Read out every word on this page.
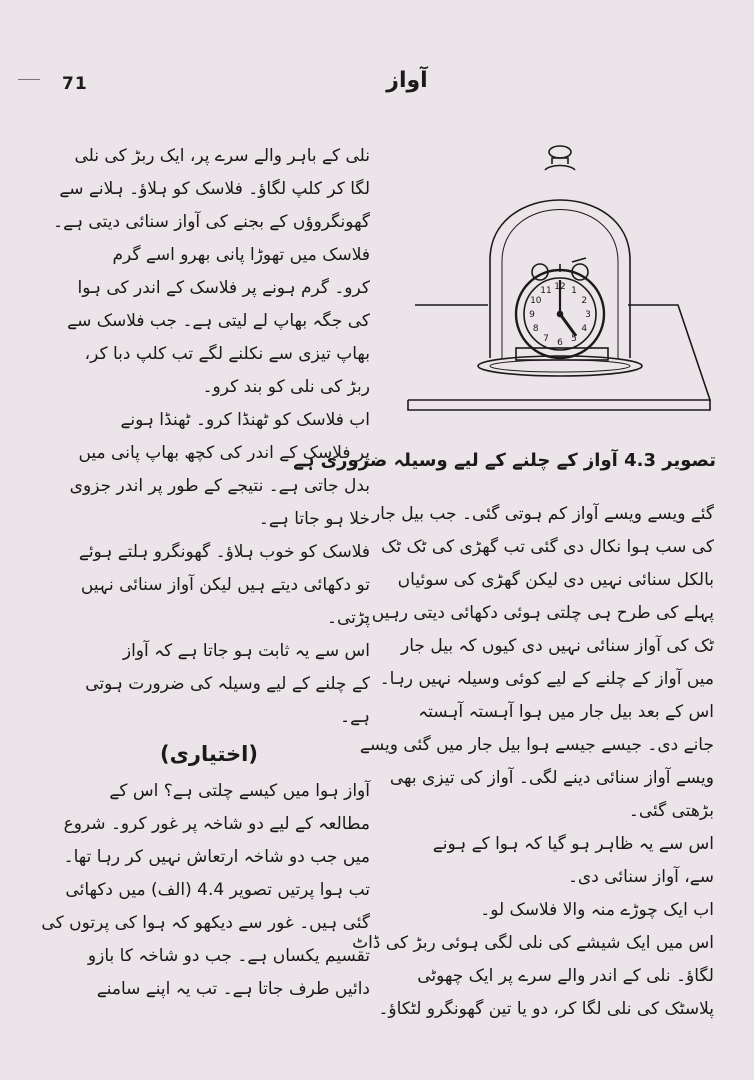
71	آواز
نلی کے باہر والے سرے پر، ایک ربڑ کی نلی
لگا کر کلپ لگاؤ۔ فلاسک کو ہلاؤ۔ ہلانے سے
گھونگروؤں کے بجنے کی آواز سنائی دیتی ہے۔
فلاسک میں تھوڑا پانی بھرو اسے گرم
کرو۔ گرم ہونے پر فلاسک کے اندر کی ہوا
کی جگہ بھاپ لے لیتی ہے۔ جب فلاسک سے
بھاپ تیزی سے نکلنے لگے تب کلپ دبا کر،
ربڑ کی نلی کو بند کرو۔
اب فلاسک کو ٹھنڈا کرو۔ ٹھنڈا ہونے
پر فلاسک کے اندر کی کچھ بھاپ پانی میں
بدل جاتی ہے۔ نتیجے کے طور پر اندر جزوی
خلا ہو جاتا ہے۔
فلاسک کو خوب ہلاؤ۔ گھونگرو ہلتے ہوئے
تو دکھائی دیتے ہیں لیکن آواز سنائی نہیں
پڑتی۔
اس سے یہ ثابت ہو جاتا ہے کہ آواز
کے چلنے کے لیے وسیلہ کی ضرورت ہوتی
ہے۔
(اختیاری)
آواز ہوا میں کیسے چلتی ہے؟ اس کے
مطالعہ کے لیے دو شاخہ پر غور کرو۔ شروع
میں جب دو شاخہ ارتعاش نہیں کر رہا تھا۔
تب ہوا پرتیں تصویر 4.4 (الف) میں دکھائی
گئی ہیں۔ غور سے دیکھو کہ ہوا کی پرتوں کی
تقسیم یکساں ہے۔ جب دو شاخہ کا بازو
دائیں طرف جاتا ہے۔ تب یہ اپنے سامنے
12 1
2
3
4
5
6
7
8
9
10
11
تصویر 4.3 آواز کے چلنے کے لیے وسیلہ ضروری ہے
گئے ویسے ویسے آواز کم ہوتی گئی۔ جب بیل جار
کی سب ہوا نکال دی گئی تب گھڑی کی ٹک ٹک
بالکل سنائی نہیں دی لیکن گھڑی کی سوئیاں
پہلے کی طرح ہی چلتی ہوئی دکھائی دیتی رہیں۔
ٹک کی آواز سنائی نہیں دی کیوں کہ بیل جار
میں آواز کے چلنے کے لیے کوئی وسیلہ نہیں رہا۔
اس کے بعد بیل جار میں ہوا آہستہ آہستہ
جانے دی۔ جیسے جیسے ہوا بیل جار میں گئی ویسے
ویسے آواز سنائی دینے لگی۔ آواز کی تیزی بھی
بڑھتی گئی۔
اس سے یہ ظاہر ہو گیا کہ ہوا کے ہونے
سے، آواز سنائی دی۔
اب ایک چوڑے منہ والا فلاسک لو۔
اس میں ایک شیشے کی نلی لگی ہوئی ربڑ کی ڈاٹ
لگاؤ۔ نلی کے اندر والے سرے پر ایک چھوٹی
پلاسٹک کی نلی لگا کر، دو یا تین گھونگرو لٹکاؤ۔
